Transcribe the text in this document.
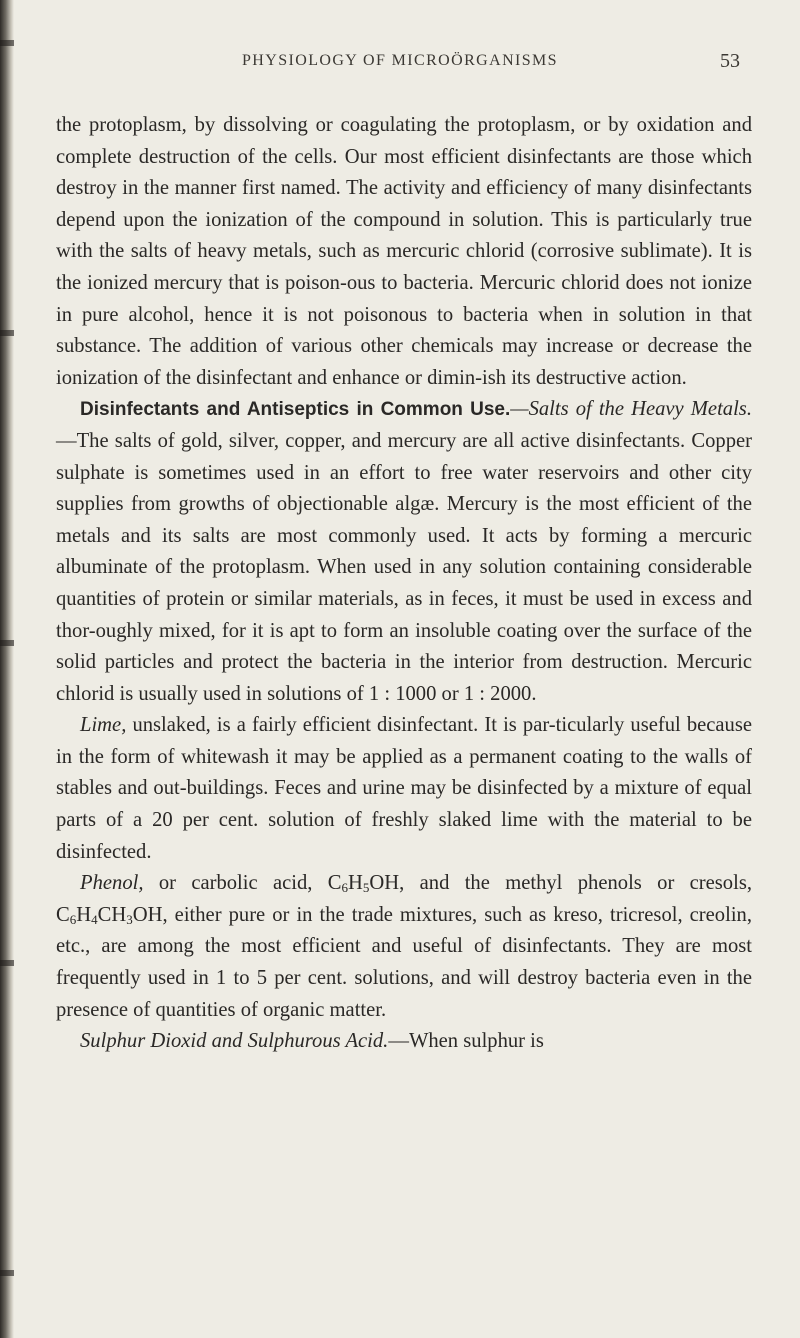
PHYSIOLOGY OF MICROÖRGANISMS	53

the protoplasm, by dissolving or coagulating the protoplasm, or by oxidation and complete destruction of the cells. Our most efficient disinfectants are those which destroy in the manner first named. The activity and efficiency of many disinfectants depend upon the ionization of the compound in solution. This is particularly true with the salts of heavy metals, such as mercuric chlorid (corrosive sublimate). It is the ionized mercury that is poison-ous to bacteria. Mercuric chlorid does not ionize in pure alcohol, hence it is not poisonous to bacteria when in solution in that substance. The addition of various other chemicals may increase or decrease the ionization of the disinfectant and enhance or dimin-ish its destructive action.

Disinfectants and Antiseptics in Common Use.—Salts of the Heavy Metals.—The salts of gold, silver, copper, and mercury are all active disinfectants. Copper sulphate is sometimes used in an effort to free water reservoirs and other city supplies from growths of objectionable algæ. Mercury is the most efficient of the metals and its salts are most commonly used. It acts by forming a mercuric albuminate of the protoplasm. When used in any solution containing considerable quantities of protein or similar materials, as in feces, it must be used in excess and thor-oughly mixed, for it is apt to form an insoluble coating over the surface of the solid particles and protect the bacteria in the interior from destruction. Mercuric chlorid is usually used in solutions of 1 : 1000 or 1 : 2000.

Lime, unslaked, is a fairly efficient disinfectant. It is par-ticularly useful because in the form of whitewash it may be applied as a permanent coating to the walls of stables and out-buildings. Feces and urine may be disinfected by a mixture of equal parts of a 20 per cent. solution of freshly slaked lime with the material to be disinfected.

Phenol, or carbolic acid, $C_6H_5OH$, and the methyl phenols or cresols, $C_6H_4CH_3OH$, either pure or in the trade mixtures, such as kreso, tricresol, creolin, etc., are among the most efficient and useful of disinfectants. They are most frequently used in 1 to 5 per cent. solutions, and will destroy bacteria even in the presence of quantities of organic matter.

Sulphur Dioxid and Sulphurous Acid.—When sulphur is
